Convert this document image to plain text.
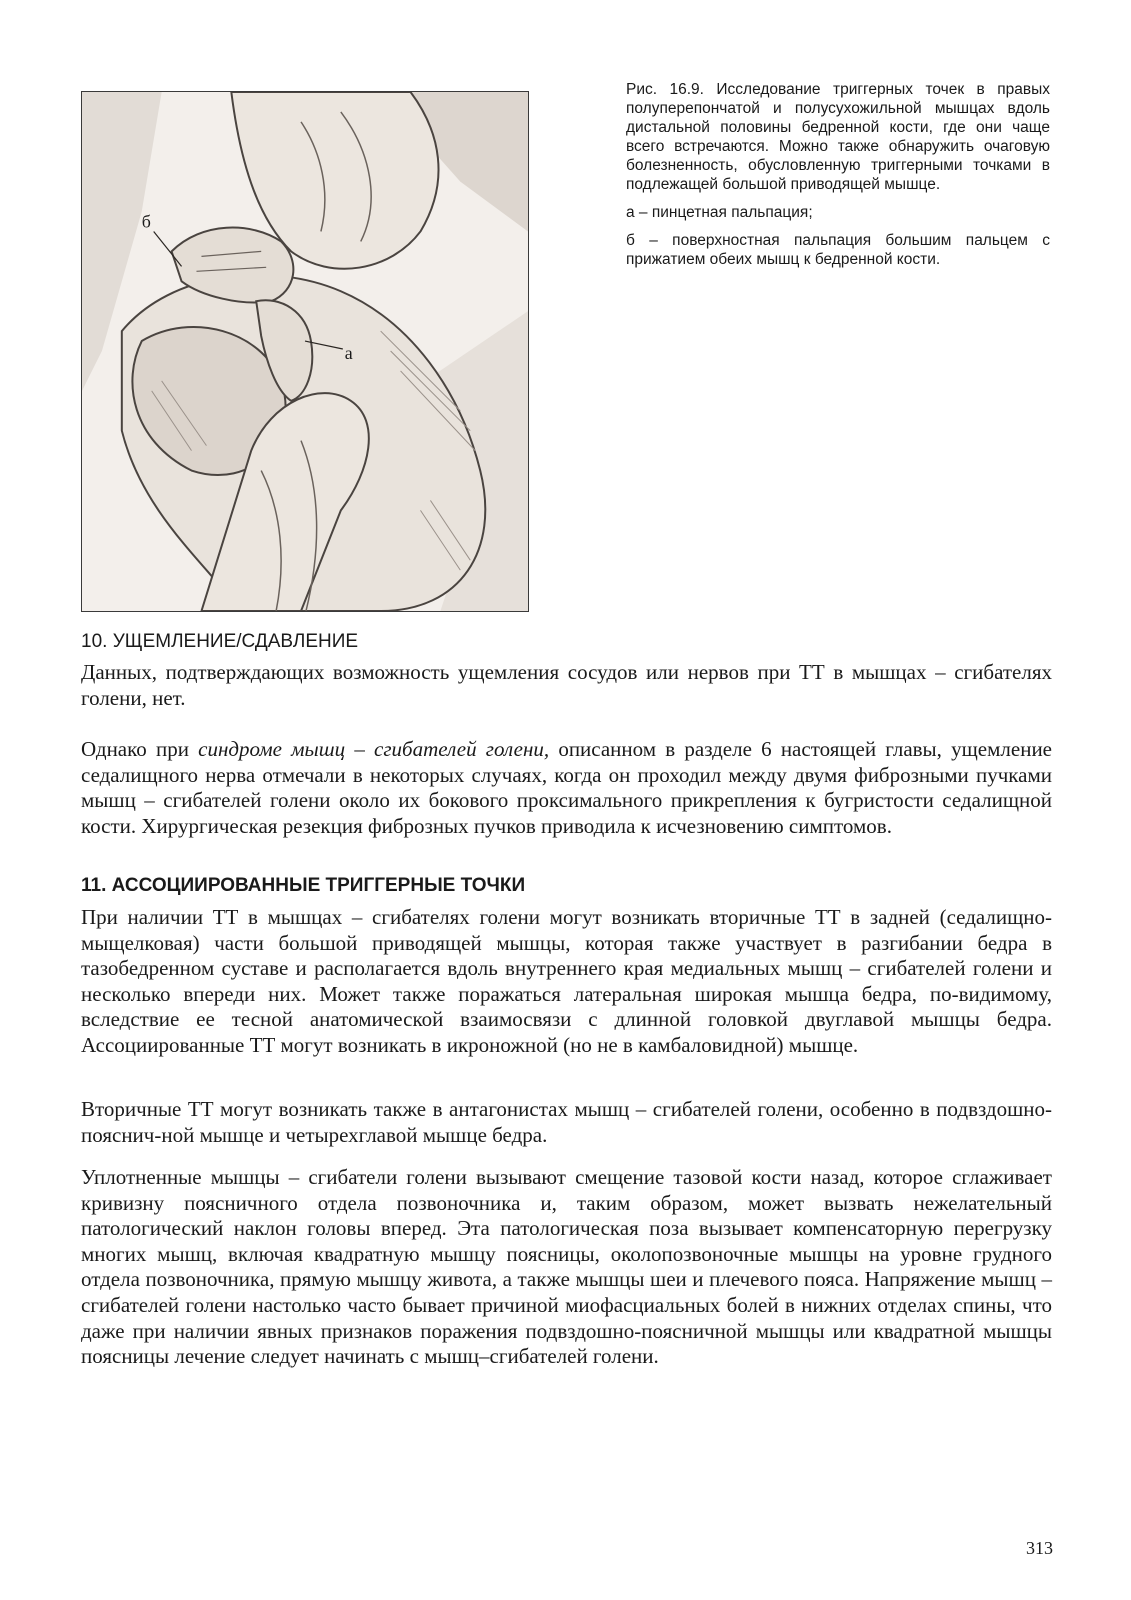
б
а

Рис. 16.9. Исследование триггерных точек в правых полуперепончатой и полусухожильной мышцах вдоль дистальной половины бедренной кости, где они чаще всего встречаются. Можно также обнаружить очаговую болезненность, обусловленную триггерными точками в подлежащей большой приводящей мышце.

а – пинцетная пальпация;

б – поверхностная пальпация большим пальцем с прижатием обеих мышц к бедренной кости.

10. УЩЕМЛЕНИЕ/СДАВЛЕНИЕ

Данных, подтверждающих возможность ущемления сосудов или нервов при ТТ в мышцах – сгибателях голени, нет.

Однако при синдроме мышц – сгибателей голени, описанном в разделе 6 настоящей главы, ущемление седалищного нерва отмечали в некоторых случаях, когда он проходил между двумя фиброзными пучками мышц – сгибателей голени около их бокового проксимального прикрепления к бугристости седалищной кости. Хирургическая резекция фиброзных пучков приводила к исчезновению симптомов.

11. АССОЦИИРОВАННЫЕ ТРИГГЕРНЫЕ ТОЧКИ

При наличии ТТ в мышцах – сгибателях голени могут возникать вторичные ТТ в задней (седалищно-мыщелковая) части большой приводящей мышцы, которая также участвует в разгибании бедра в тазобедренном суставе и располагается вдоль внутреннего края медиальных мышц – сгибателей голени и несколько впереди них. Может также поражаться латеральная широкая мышца бедра, по-видимому, вследствие ее тесной анатомической взаимосвязи с длинной головкой двуглавой мышцы бедра. Ассоциированные ТТ могут возникать в икроножной (но не в камбаловидной) мышце.

Вторичные ТТ могут возникать также в антагонистах мышц – сгибателей голени, особенно в подвздошно-пояснич-ной мышце и четырехглавой мышце бедра.

Уплотненные мышцы – сгибатели голени вызывают смещение тазовой кости назад, которое сглаживает кривизну поясничного отдела позвоночника и, таким образом, может вызвать нежелательный патологический наклон головы вперед. Эта патологическая поза вызывает компенсаторную перегрузку многих мышц, включая квадратную мышцу поясницы, околопозвоночные мышцы на уровне грудного отдела позвоночника, прямую мышцу живота, а также мышцы шеи и плечевого пояса. Напряжение мышц – сгибателей голени настолько часто бывает причиной миофасциальных болей в нижних отделах спины, что даже при наличии явных признаков поражения подвздошно-поясничной мышцы или квадратной мышцы поясницы лечение следует начинать с мышц–сгибателей голени.

313
